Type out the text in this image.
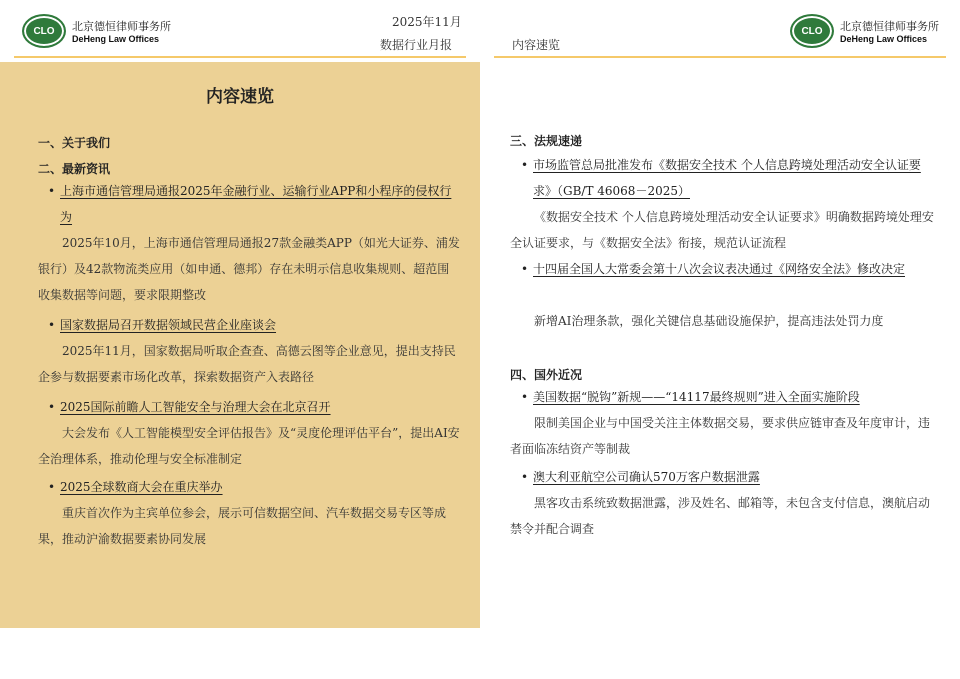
CLO	北京德恒律师事务所
DeHeng Law Offices
2025年11月
数据行业月报	内容速览
CLO	北京德恒律师事务所
DeHeng Law Offices
内容速览
一、关于我们
二、最新资讯
• 上海市通信管理局通报2025年金融行业、运输行业APP和小程序的侵权行为
2025年10月，上海市通信管理局通报27款金融类APP（如光大证券、浦发银行）及42款物流类应用（如申通、德邦）存在未明示信息收集规则、超范围收集数据等问题，要求限期整改
• 国家数据局召开数据领域民营企业座谈会
2025年11月，国家数据局听取企查查、高德云图等企业意见，提出支持民企参与数据要素市场化改革，探索数据资产入表路径
• 2025国际前瞻人工智能安全与治理大会在北京召开
大会发布《人工智能模型安全评估报告》及“灵度伦理评估平台”，提出AI安全治理体系，推动伦理与安全标准制定
• 2025全球数商大会在重庆举办
重庆首次作为主宾单位参会，展示可信数据空间、汽车数据交易专区等成果，推动沪渝数据要素协同发展
三、法规速递
• 市场监管总局批准发布《数据安全技术 个人信息跨境处理活动安全认证要求》（GB/T 46068－2025）
《数据安全技术 个人信息跨境处理活动安全认证要求》明确数据跨境处理安全认证要求，与《数据安全法》衔接，规范认证流程
• 十四届全国人大常委会第十八次会议表决通过《网络安全法》修改决定
新增AI治理条款，强化关键信息基础设施保护，提高违法处罚力度
四、国外近况
• 美国数据“脱钩”新规——“14117最终规则”进入全面实施阶段
限制美国企业与中国受关注主体数据交易，要求供应链审查及年度审计，违者面临冻结资产等制裁
• 澳大利亚航空公司确认570万客户数据泄露
黑客攻击系统致数据泄露，涉及姓名、邮箱等，未包含支付信息，澳航启动禁令并配合调查
